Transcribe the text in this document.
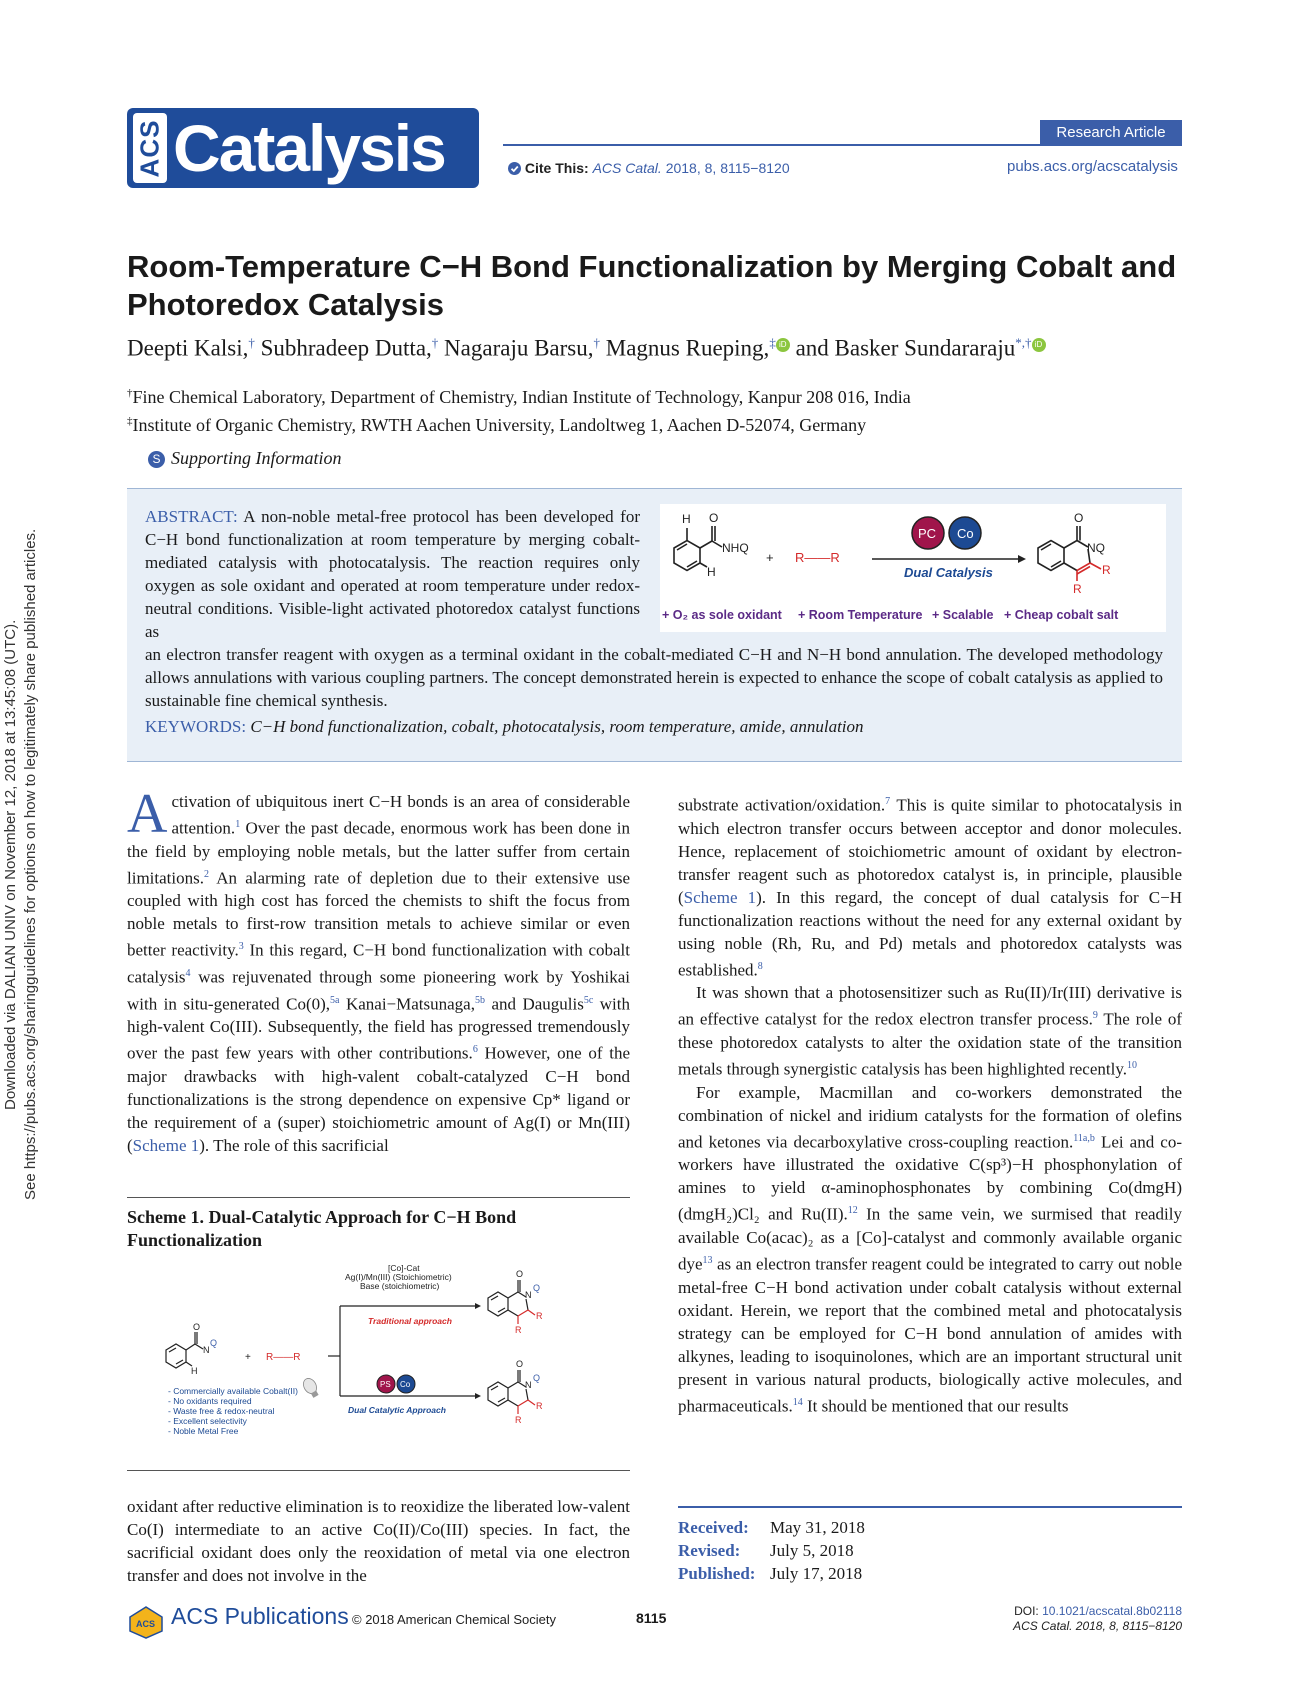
Downloaded via DALIAN UNIV on November 12, 2018 at 13:45:08 (UTC). See https://pubs.acs.org/sharingguidelines for options on how to legitimately share published articles.
ACS Catalysis	Research Article
Cite This: ACS Catal. 2018, 8, 8115−8120	pubs.acs.org/acscatalysis
Room-Temperature C−H Bond Functionalization by Merging Cobalt and Photoredox Catalysis
Deepti Kalsi,† Subhradeep Dutta,† Nagaraju Barsu,† Magnus Rueping,‡ iD and Basker Sundararaju*,† iD
†Fine Chemical Laboratory, Department of Chemistry, Indian Institute of Technology, Kanpur 208 016, India
‡Institute of Organic Chemistry, RWTH Aachen University, Landoltweg 1, Aachen D-52074, Germany
S Supporting Information
ABSTRACT: A non-noble metal-free protocol has been developed for C−H bond functionalization at room temperature by merging cobalt-mediated catalysis with photocatalysis. The reaction requires only oxygen as sole oxidant and operated at room temperature under redox-neutral conditions. Visible-light activated photoredox catalyst functions as
an electron transfer reagent with oxygen as a terminal oxidant in the cobalt-mediated C−H and N−H bond annulation. The developed methodology allows annulations with various coupling partners. The concept demonstrated herein is expected to enhance the scope of cobalt catalysis as applied to sustainable fine chemical synthesis.
KEYWORDS: C−H bond functionalization, cobalt, photocatalysis, room temperature, amide, annulation
H O
NHQ
H
+ R——R
PC Co
Dual Catalysis
O
NQ
R
R
+ O₂ as sole oxidant + Room Temperature + Scalable + Cheap cobalt salt

Activation of ubiquitous inert C−H bonds is an area of considerable attention.$^1$ Over the past decade, enormous work has been done in the field by employing noble metals, but the latter suffer from certain limitations.$^2$ An alarming rate of depletion due to their extensive use coupled with high cost has forced the chemists to shift the focus from noble metals to first-row transition metals to achieve similar or even better reactivity.$^3$ In this regard, C−H bond functionalization with cobalt catalysis$^4$ was rejuvenated through some pioneering work by Yoshikai with in situ-generated Co(0),$^{5a}$ Kanai−Matsunaga,$^{5b}$ and Daugulis$^{5c}$ with high-valent Co(III). Subsequently, the field has progressed tremendously over the past few years with other contributions.$^6$ However, one of the major drawbacks with high-valent cobalt-catalyzed C−H bond functionalizations is the strong dependence on expensive Cp* ligand or the requirement of a (super) stoichiometric amount of Ag(I) or Mn(III) (Scheme 1). The role of this sacrificial

Scheme 1. Dual-Catalytic Approach for C−H Bond Functionalization
O
N
Q
H
+ R——R
[Co]-Cat
Ag(I)/Mn(III) (Stoichiometric)
Base (stoichiometric)
Traditional approach
PS Co
Dual Catalytic Approach
O
N
Q
R
R
O
N
Q
R
R
- Commercially available Cobalt(II)
- No oxidants required
- Waste free & redox-neutral
- Excellent selectivity
- Noble Metal Free
oxidant after reductive elimination is to reoxidize the liberated low-valent Co(I) intermediate to an active Co(II)/Co(III) species. In fact, the sacrificial oxidant does only the reoxidation of metal via one electron transfer and does not involve in the

substrate activation/oxidation.$^7$ This is quite similar to photocatalysis in which electron transfer occurs between acceptor and donor molecules. Hence, replacement of stoichiometric amount of oxidant by electron-transfer reagent such as photoredox catalyst is, in principle, plausible (Scheme 1). In this regard, the concept of dual catalysis for C−H functionalization reactions without the need for any external oxidant by using noble (Rh, Ru, and Pd) metals and photoredox catalysts was established.$^8$

It was shown that a photosensitizer such as Ru(II)/Ir(III) derivative is an effective catalyst for the redox electron transfer process.$^9$ The role of these photoredox catalysts to alter the oxidation state of the transition metals through synergistic catalysis has been highlighted recently.$^{10}$

For example, Macmillan and co-workers demonstrated the combination of nickel and iridium catalysts for the formation of olefins and ketones via decarboxylative cross-coupling reaction.$^{11a,b}$ Lei and co-workers have illustrated the oxidative C(sp³)−H phosphonylation of amines to yield α-aminophosphonates by combining Co(dmgH)(dmgH₂)Cl₂ and Ru(II).$^{12}$ In the same vein, we surmised that readily available Co(acac)₂ as a [Co]-catalyst and commonly available organic dye$^{13}$ as an electron transfer reagent could be integrated to carry out noble metal-free C−H bond activation under cobalt catalysis without external oxidant. Herein, we report that the combined metal and photocatalysis strategy can be employed for C−H bond annulation of amides with alkynes, leading to isoquinolones, which are an important structural unit present in various natural products, biologically active molecules, and pharmaceuticals.$^{14}$ It should be mentioned that our results

Received: May 31, 2018
Revised: July 5, 2018
Published: July 17, 2018
ACS ACS Publications © 2018 American Chemical Society	8115	DOI: 10.1021/acscatal.8b02118
ACS Catal. 2018, 8, 8115−8120
